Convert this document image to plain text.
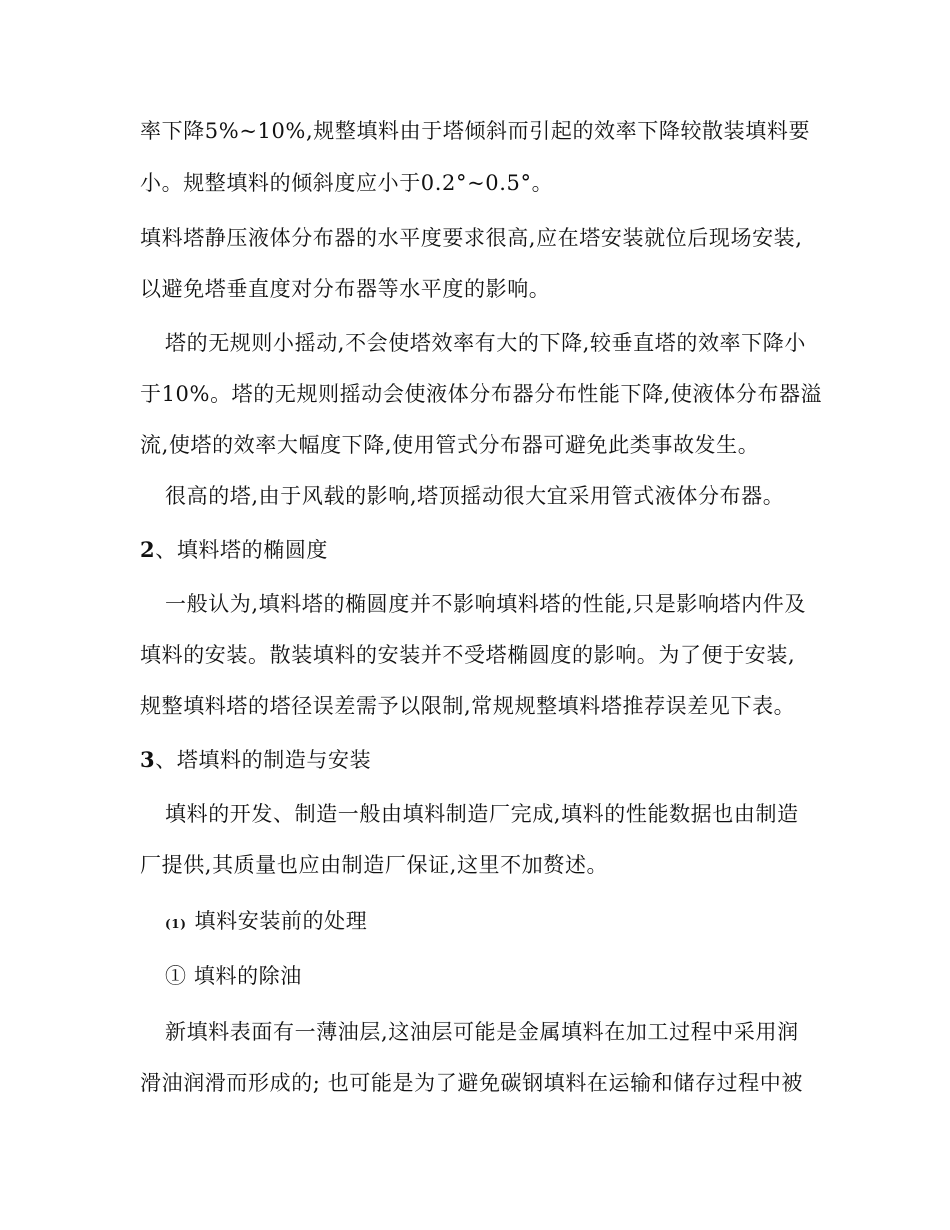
率下降5%~10%,规整填料由于塔倾斜而引起的效率下降较散装填料要
小。规整填料的倾斜度应小于0.2°~0.5°。
填料塔静压液体分布器的水平度要求很高,应在塔安装就位后现场安装,
以避免塔垂直度对分布器等水平度的影响。
塔的无规则小摇动,不会使塔效率有大的下降,较垂直塔的效率下降小
于10%。塔的无规则摇动会使液体分布器分布性能下降,使液体分布器溢
流,使塔的效率大幅度下降,使用管式分布器可避免此类事故发生。
很高的塔,由于风载的影响,塔顶摇动很大宜采用管式液体分布器。
2、填料塔的椭圆度
一般认为,填料塔的椭圆度并不影响填料塔的性能,只是影响塔内件及
填料的安装。散装填料的安装并不受塔椭圆度的影响。为了便于安装,
规整填料塔的塔径误差需予以限制,常规规整填料塔推荐误差见下表。
3、塔填料的制造与安装
填料的开发、制造一般由填料制造厂完成,填料的性能数据也由制造
厂提供,其质量也应由制造厂保证,这里不加赘述。
(1) 填料安装前的处理
① 填料的除油
新填料表面有一薄油层,这油层可能是金属填料在加工过程中采用润
滑油润滑而形成的; 也可能是为了避免碳钢填料在运输和储存过程中被
